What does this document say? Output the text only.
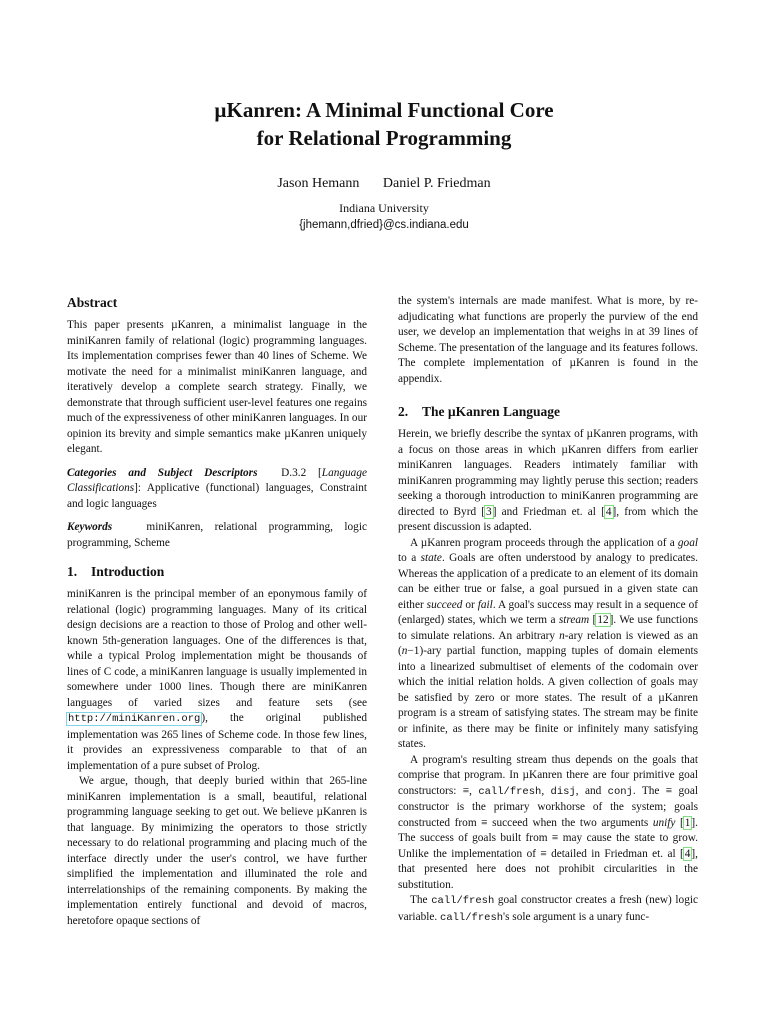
µKanren: A Minimal Functional Core
for Relational Programming
Jason Hemann Daniel P. Friedman
Indiana University
{jhemann,dfried}@cs.indiana.edu
Abstract

This paper presents µKanren, a minimalist language in the miniKanren family of relational (logic) programming languages. Its implementation comprises fewer than 40 lines of Scheme. We motivate the need for a minimalist miniKanren language, and iteratively develop a complete search strategy. Finally, we demonstrate that through sufficient user-level features one regains much of the expressiveness of other miniKanren languages. In our opinion its brevity and simple semantics make µKanren uniquely elegant.

Categories and Subject Descriptors D.3.2 [Language Classifications]: Applicative (functional) languages, Constraint and logic languages

Keywords	miniKanren, relational programming, logic programming, Scheme

1. Introduction

miniKanren is the principal member of an eponymous family of relational (logic) programming languages. Many of its critical design decisions are a reaction to those of Prolog and other well-known 5th-generation languages. One of the differences is that, while a typical Prolog implementation might be thousands of lines of C code, a miniKanren language is usually implemented in somewhere under 1000 lines. Though there are miniKanren languages of varied sizes and feature sets (see http://miniKanren.org), the original published implementation was 265 lines of Scheme code. In those few lines, it provides an expressiveness comparable to that of an implementation of a pure subset of Prolog.

We argue, though, that deeply buried within that 265-line miniKanren implementation is a small, beautiful, relational programming language seeking to get out. We believe µKanren is that language. By minimizing the operators to those strictly necessary to do relational programming and placing much of the interface directly under the user's control, we have further simplified the implementation and illuminated the role and interrelationships of the remaining components. By making the implementation entirely functional and devoid of macros, heretofore opaque sections of

the system's internals are made manifest. What is more, by re-adjudicating what functions are properly the purview of the end user, we develop an implementation that weighs in at 39 lines of Scheme. The presentation of the language and its features follows. The complete implementation of µKanren is found in the appendix.

2. The µKanren Language

Herein, we briefly describe the syntax of µKanren programs, with a focus on those areas in which µKanren differs from earlier miniKanren languages. Readers intimately familiar with miniKanren programming may lightly peruse this section; readers seeking a thorough introduction to miniKanren programming are directed to Byrd [3] and Friedman et. al [4], from which the present discussion is adapted.

A µKanren program proceeds through the application of a goal to a state. Goals are often understood by analogy to predicates. Whereas the application of a predicate to an element of its domain can be either true or false, a goal pursued in a given state can either succeed or fail. A goal's success may result in a sequence of (enlarged) states, which we term a stream [12]. We use functions to simulate relations. An arbitrary n-ary relation is viewed as an (n−1)-ary partial function, mapping tuples of domain elements into a linearized submultiset of elements of the codomain over which the initial relation holds. A given collection of goals may be satisfied by zero or more states. The result of a µKanren program is a stream of satisfying states. The stream may be finite or infinite, as there may be finite or infinitely many satisfying states.

A program's resulting stream thus depends on the goals that comprise that program. In µKanren there are four primitive goal constructors: ≡, call/fresh, disj, and conj. The ≡ goal constructor is the primary workhorse of the system; goals constructed from ≡ succeed when the two arguments unify [1]. The success of goals built from ≡ may cause the state to grow. Unlike the implementation of ≡ detailed in Friedman et. al [4], that presented here does not prohibit circularities in the substitution.

The call/fresh goal constructor creates a fresh (new) logic variable. call/fresh's sole argument is a unary func-
